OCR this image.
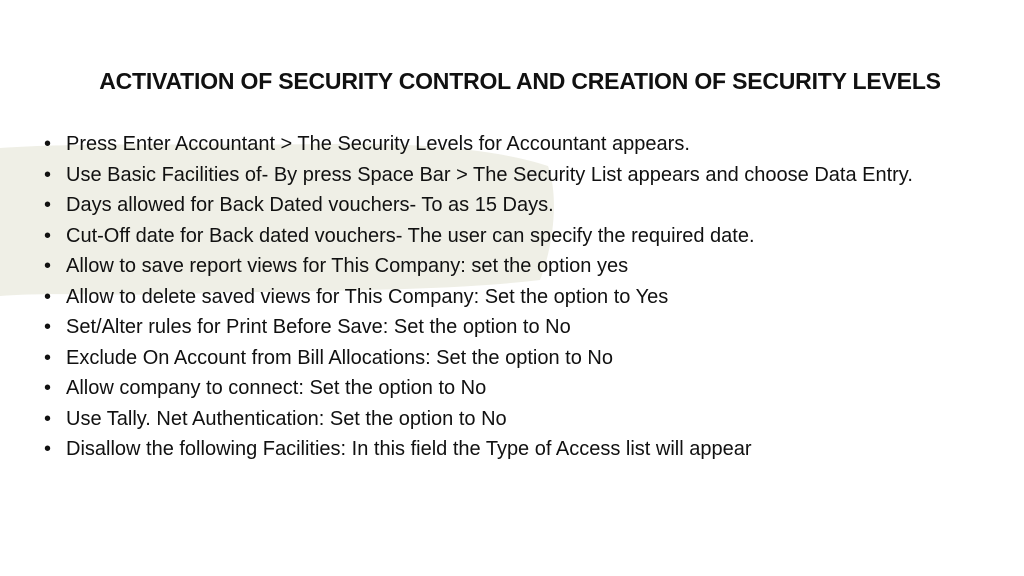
ACTIVATION OF SECURITY CONTROL AND CREATION OF SECURITY LEVELS
• Press Enter Accountant > The Security Levels for Accountant appears.
• Use Basic Facilities of- By press Space Bar > The Security List appears and choose Data Entry.
• Days allowed for Back Dated vouchers- To as 15 Days.
• Cut-Off date for Back dated vouchers- The user can specify the required date.
• Allow to save report views for This Company: set the option yes
• Allow to delete saved views for This Company: Set the option to Yes
• Set/Alter rules for Print Before Save: Set the option to No
• Exclude On Account from Bill Allocations: Set the option to No
• Allow company to connect: Set the option to No
• Use Tally. Net Authentication: Set the option to No
• Disallow the following Facilities: In this field the Type of Access list will appear
